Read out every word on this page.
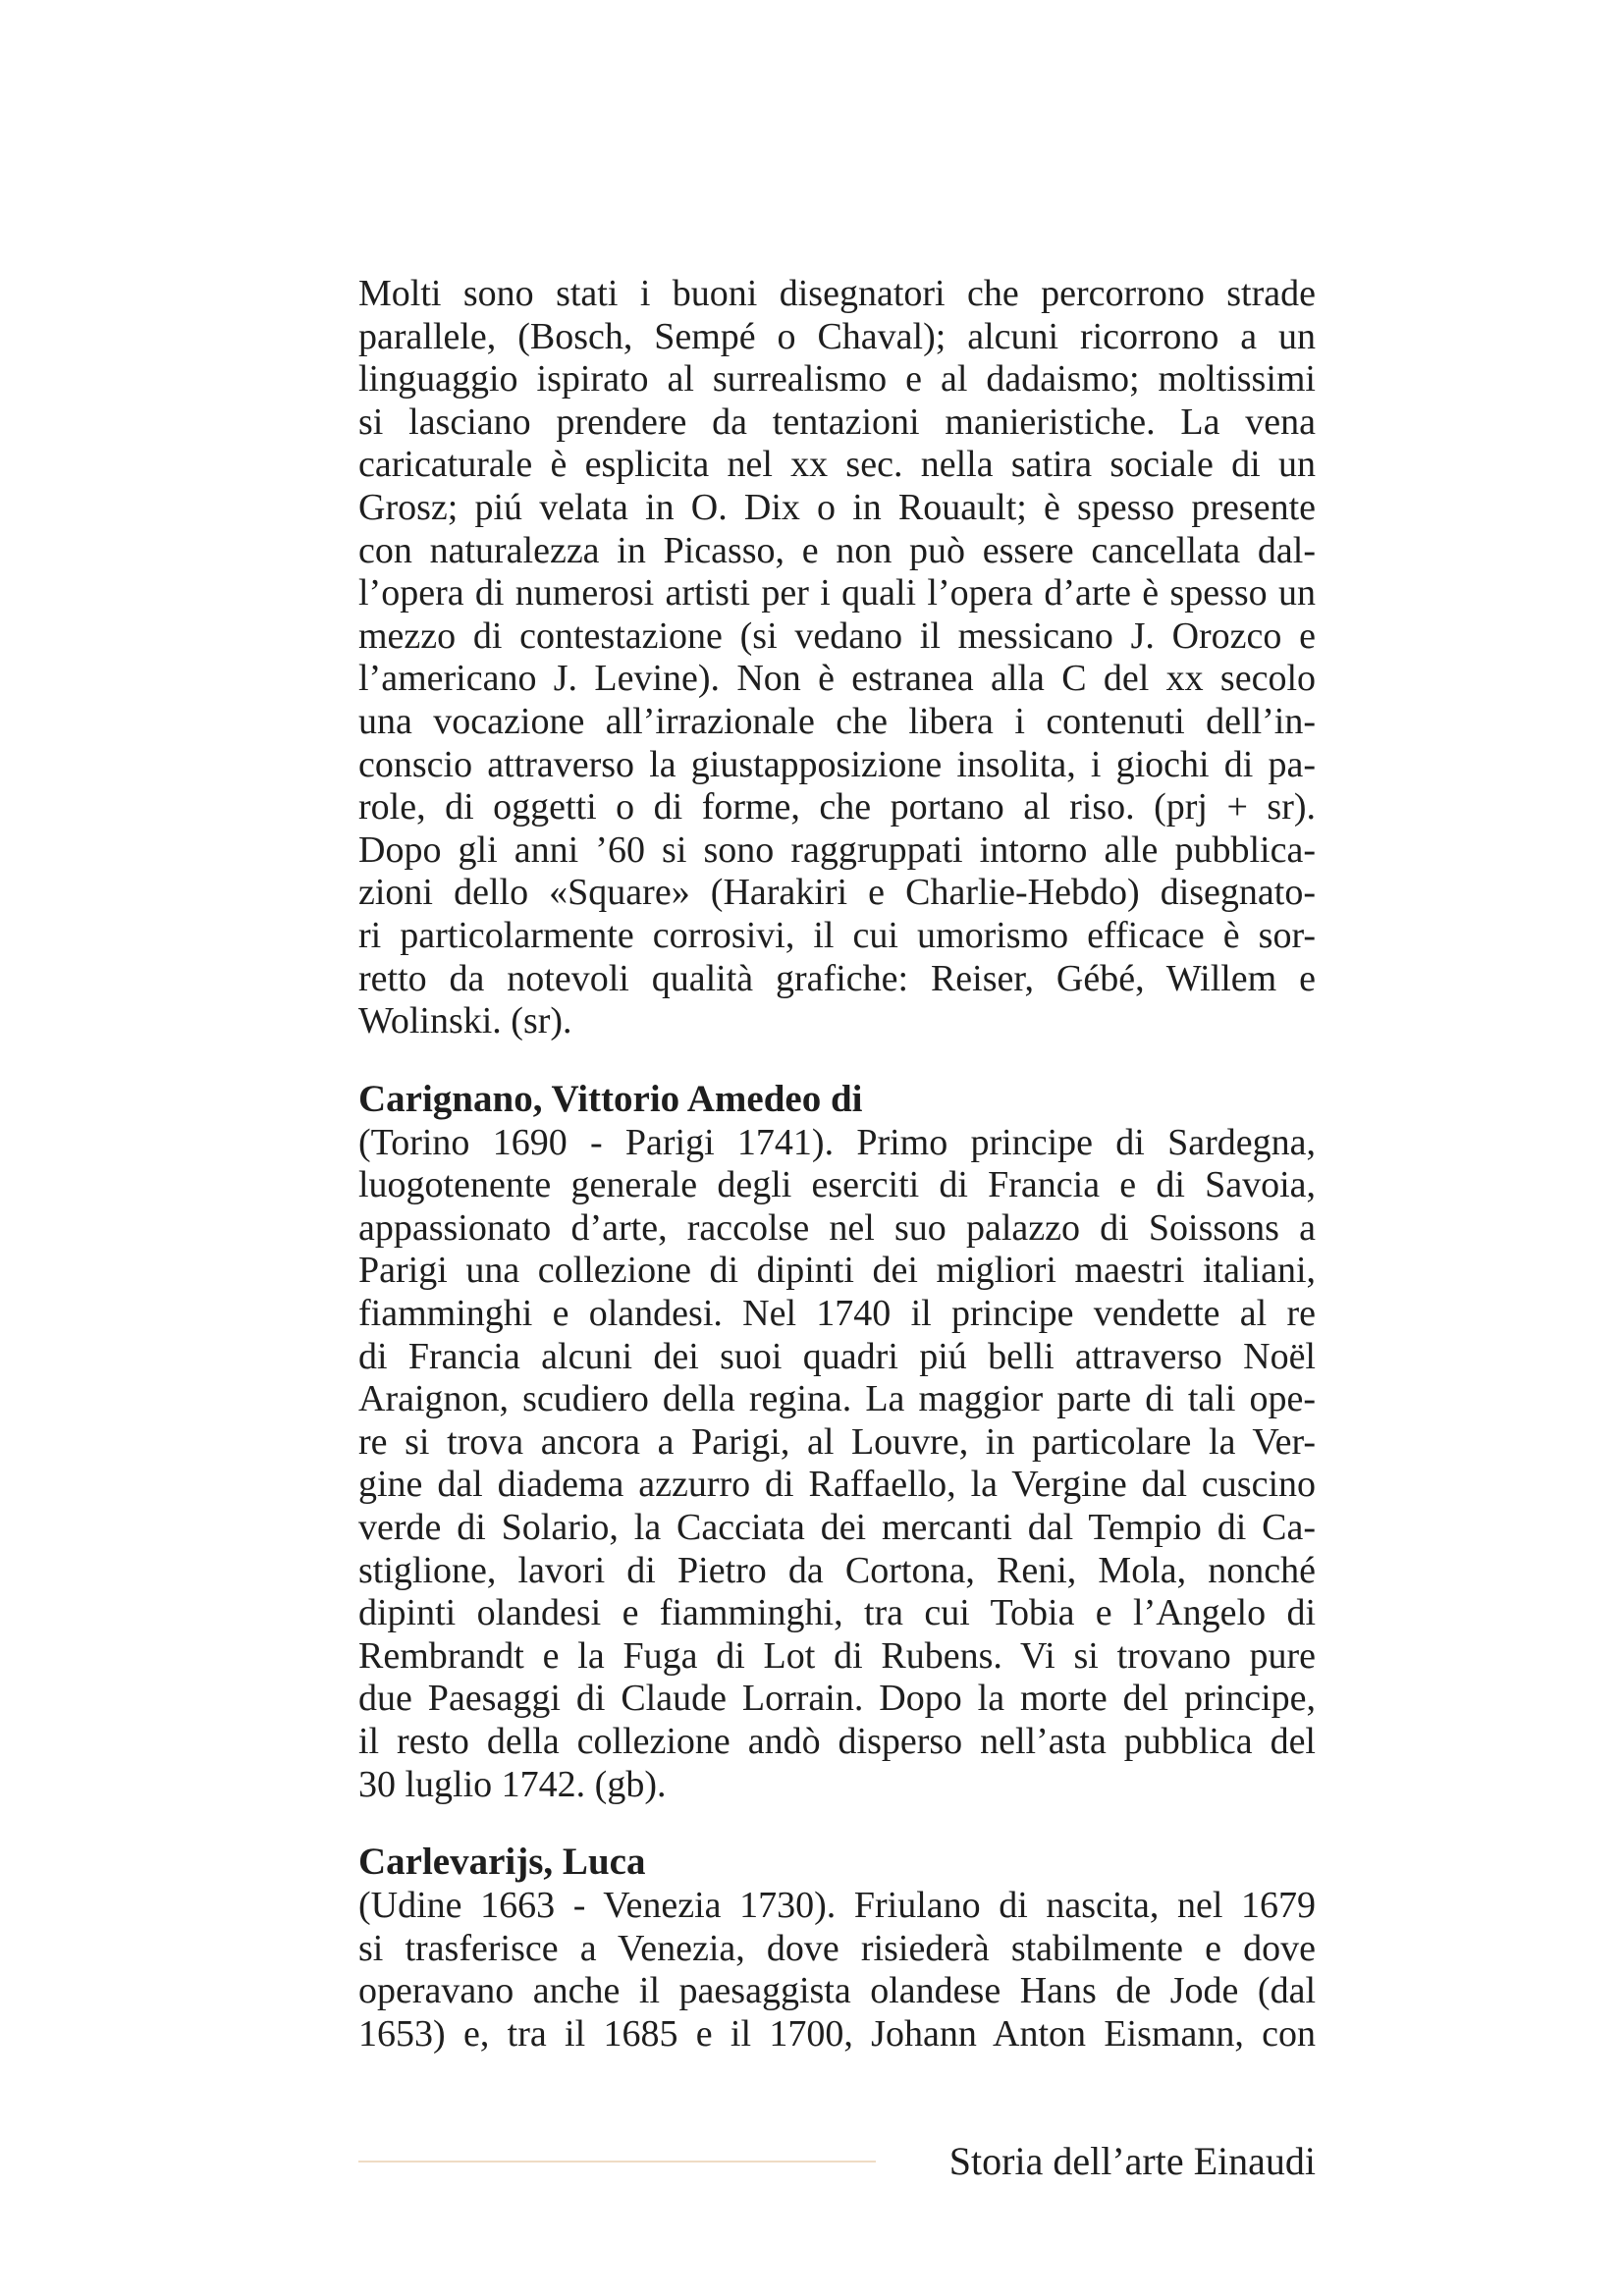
Molti sono stati i buoni disegnatori che percorrono strade
parallele, (Bosch, Sempé o Chaval); alcuni ricorrono a un
linguaggio ispirato al surrealismo e al dadaismo; moltissimi
si lasciano prendere da tentazioni manieristiche. La vena
caricaturale è esplicita nel xx sec. nella satira sociale di un
Grosz; piú velata in O. Dix o in Rouault; è spesso presente
con naturalezza in Picasso, e non può essere cancellata dal-
l’opera di numerosi artisti per i quali l’opera d’arte è spesso un
mezzo di contestazione (si vedano il messicano J. Orozco e
l’americano J. Levine). Non è estranea alla C del xx secolo
una vocazione all’irrazionale che libera i contenuti dell’in-
conscio attraverso la giustapposizione insolita, i giochi di pa-
role, di oggetti o di forme, che portano al riso. (prj + sr).
Dopo gli anni ’60 si sono raggruppati intorno alle pubblica-
zioni dello «Square» (Harakiri e Charlie-Hebdo) disegnato-
ri particolarmente corrosivi, il cui umorismo efficace è sor-
retto da notevoli qualità grafiche: Reiser, Gébé, Willem e
Wolinski. (sr).

Carignano, Vittorio Amedeo di

(Torino 1690 - Parigi 1741). Primo principe di Sardegna,
luogotenente generale degli eserciti di Francia e di Savoia,
appassionato d’arte, raccolse nel suo palazzo di Soissons a
Parigi una collezione di dipinti dei migliori maestri italiani,
fiamminghi e olandesi. Nel 1740 il principe vendette al re
di Francia alcuni dei suoi quadri piú belli attraverso Noël
Araignon, scudiero della regina. La maggior parte di tali ope-
re si trova ancora a Parigi, al Louvre, in particolare la Ver-
gine dal diadema azzurro di Raffaello, la Vergine dal cuscino
verde di Solario, la Cacciata dei mercanti dal Tempio di Ca-
stiglione, lavori di Pietro da Cortona, Reni, Mola, nonché
dipinti olandesi e fiamminghi, tra cui Tobia e l’Angelo di
Rembrandt e la Fuga di Lot di Rubens. Vi si trovano pure
due Paesaggi di Claude Lorrain. Dopo la morte del principe,
il resto della collezione andò disperso nell’asta pubblica del
30 luglio 1742. (gb).

Carlevarijs, Luca

(Udine 1663 - Venezia 1730). Friulano di nascita, nel 1679
si trasferisce a Venezia, dove risiederà stabilmente e dove
operavano anche il paesaggista olandese Hans de Jode (dal
1653) e, tra il 1685 e il 1700, Johann Anton Eismann, con

Storia dell’arte Einaudi
